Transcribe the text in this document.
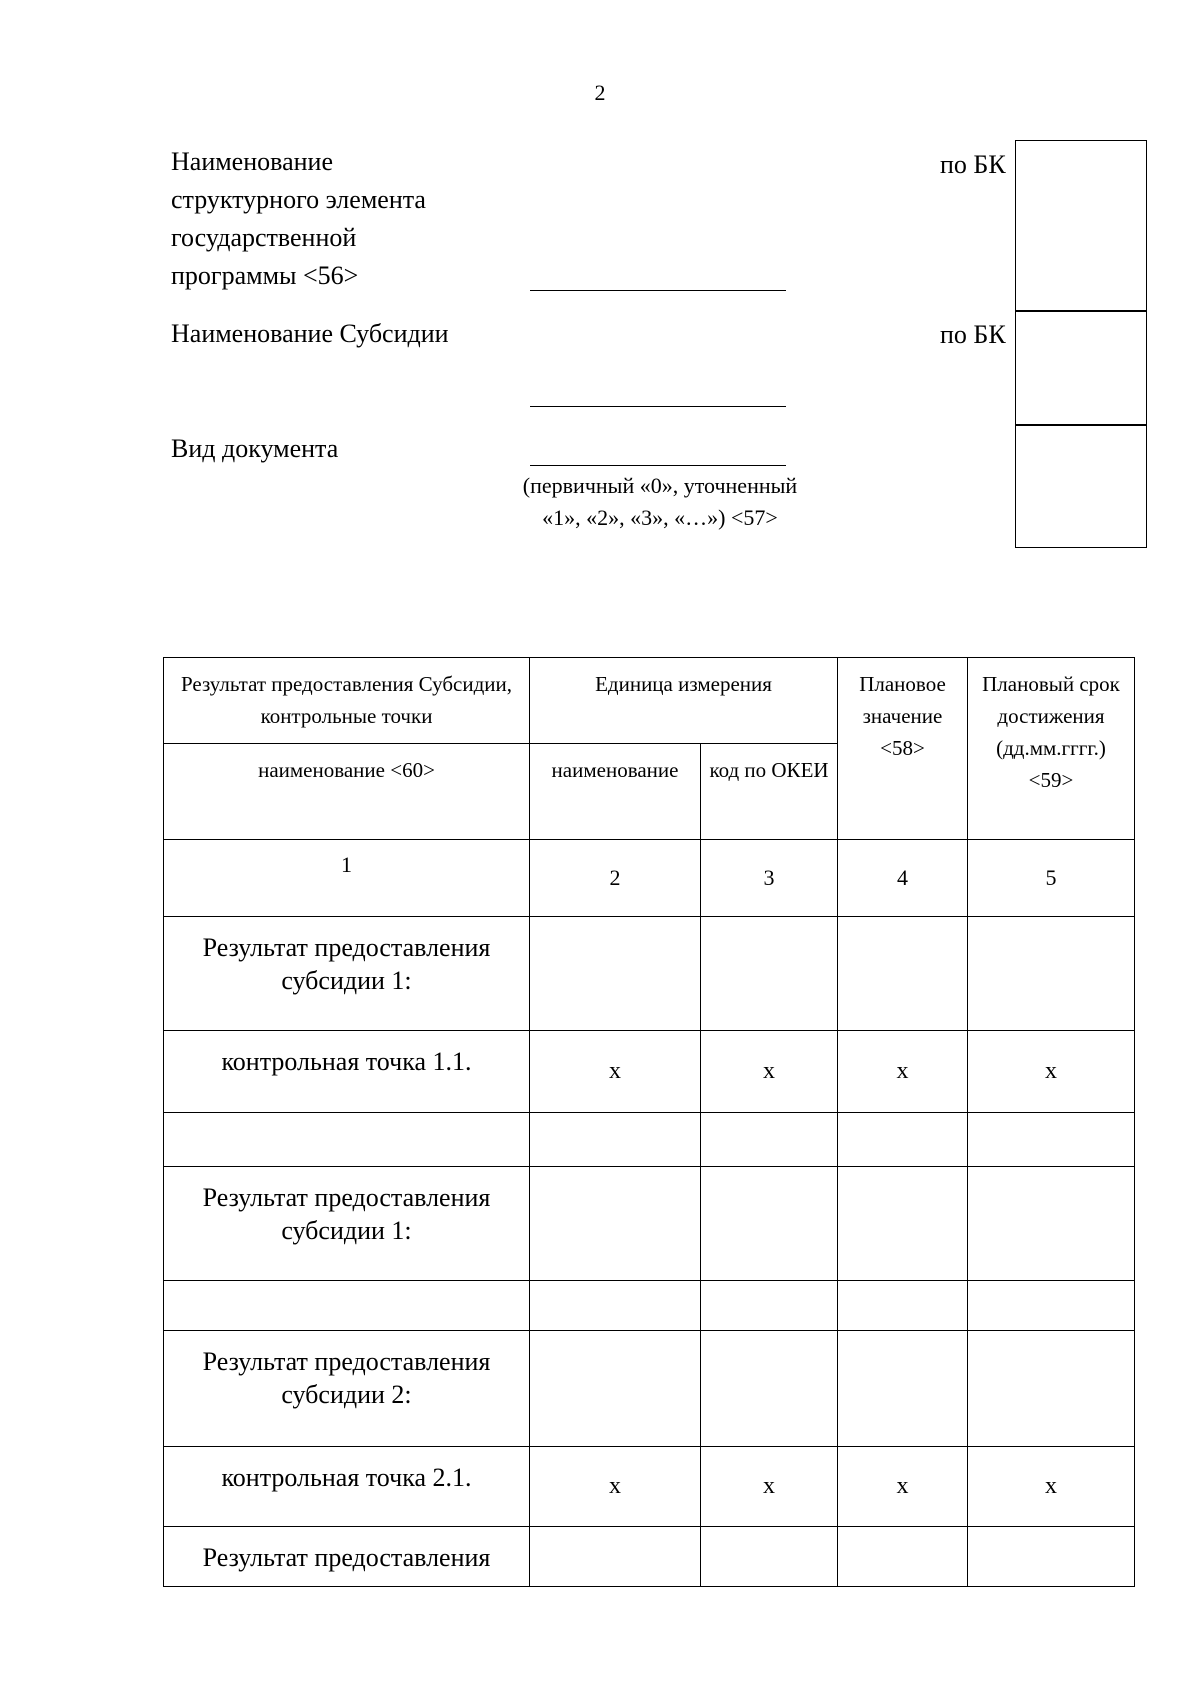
2
Наименование
структурного элемента
государственной
программы <56>
Наименование Субсидии
Вид документа
(первичный «0», уточненный
«1», «2», «3», «…») <57>
по БК
по БК
Результат предоставления Субсидии, контрольные точки	Единица измерения		Плановое значение <58>	Плановый срок достижения (дд.мм.гггг.) <59>
наименование <60>	наименование	код по ОКЕИ		
1	2	3	4	5
Результат предоставления субсидии 1:				
контрольная точка 1.1.	x	x	x	x

Результат предоставления субсидии 1:				

Результат предоставления субсидии 2:				
контрольная точка 2.1.	x	x	x	x
Результат предоставления				
